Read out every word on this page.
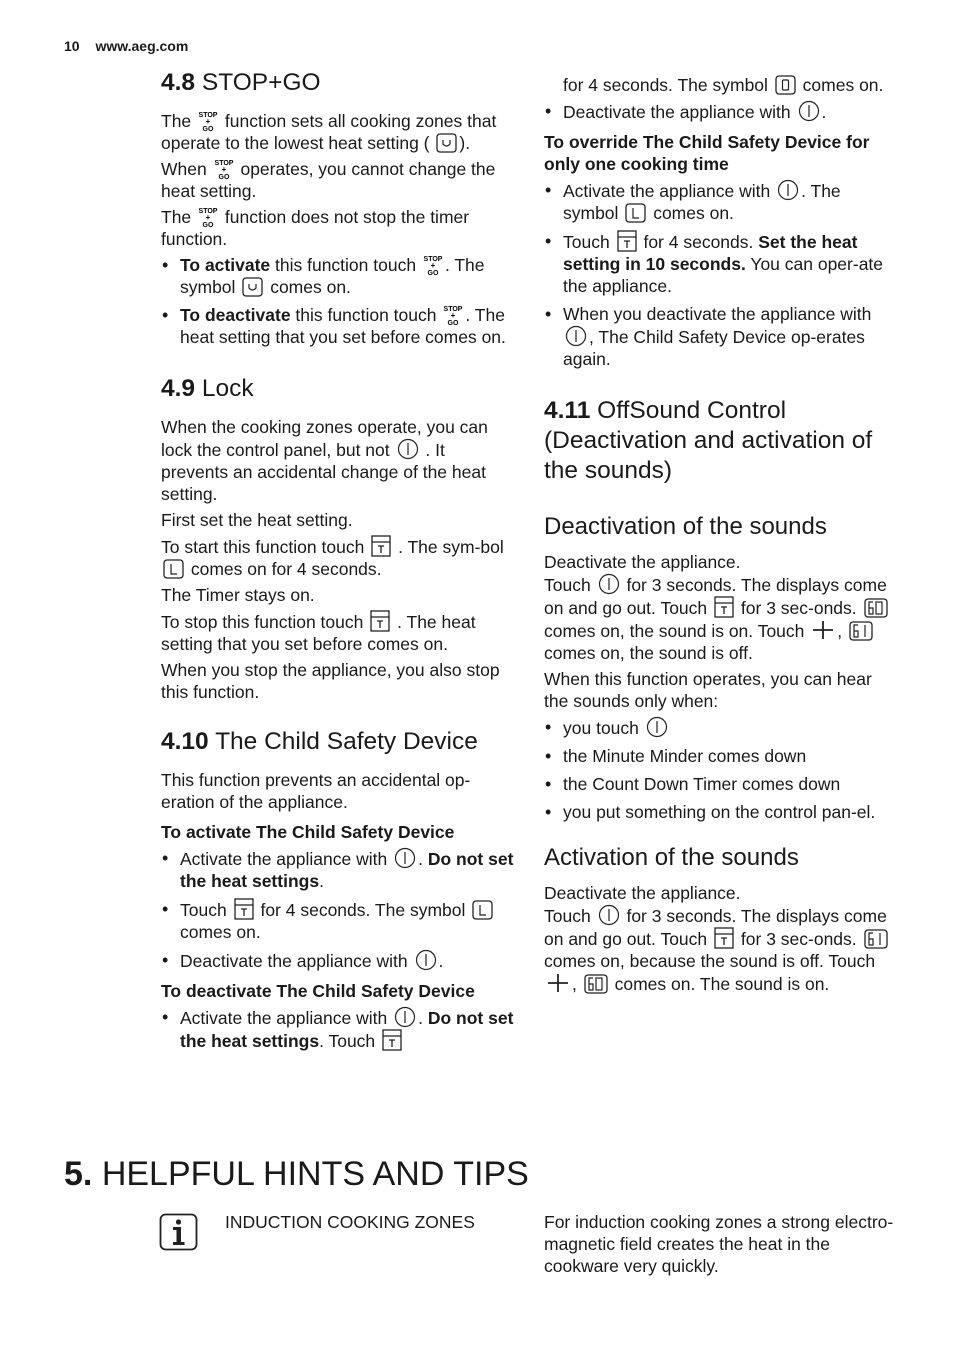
10 www.aeg.com
4.8 STOP+GO

The function sets all cooking zones that operate to the lowest heat setting ( ).

When operates, you cannot change the heat setting.

The function does not stop the timer function.

• To activate this function touch . The symbol comes on.
• To deactivate this function touch . The heat setting that you set before comes on.
4.9 Lock

When the cooking zones operate, you can lock the control panel, but not . It prevents an accidental change of the heat setting.

First set the heat setting.

To start this function touch . The sym-bol  comes on for 4 seconds.

The Timer stays on.

To stop this function touch . The heat setting that you set before comes on.

When you stop the appliance, you also stop this function.

4.10 The Child Safety Device

This function prevents an accidental op-eration of the appliance.

To activate The Child Safety Device

• Activate the appliance with . Do not set the heat settings.
• Touch for 4 seconds. The symbol  comes on.
• Deactivate the appliance with .

To deactivate The Child Safety Device

• Activate the appliance with . Do not set the heat settings. Touch

for 4 seconds. The symbol comes on.

• Deactivate the appliance with .

To override The Child Safety Device for only one cooking time

• Activate the appliance with . The symbol comes on.
• Touch for 4 seconds. Set the heat setting in 10 seconds. You can oper-ate the appliance.
• When you deactivate the appliance with , The Child Safety Device op-erates again.
4.11 OffSound Control (Deactivation and activation of the sounds)
Deactivation of the sounds

Deactivate the appliance.

Touch for 3 seconds. The displays come on and go out. Touch for 3 sec-onds.  comes on, the sound is on. Touch ,  comes on, the sound is off.

When this function operates, you can hear the sounds only when:

• you touch
• the Minute Minder comes down
• the Count Down Timer comes down
• you put something on the control pan-el.
Activation of the sounds

Deactivate the appliance.

Touch for 3 seconds. The displays come on and go out. Touch for 3 sec-onds.  comes on, because the sound is off. Touch , comes on. The sound is on.

5. HELPFUL HINTS AND TIPS
INDUCTION COOKING ZONES	For induction cooking zones a strong electro-magnetic field creates the heat in the cookware very quickly.
